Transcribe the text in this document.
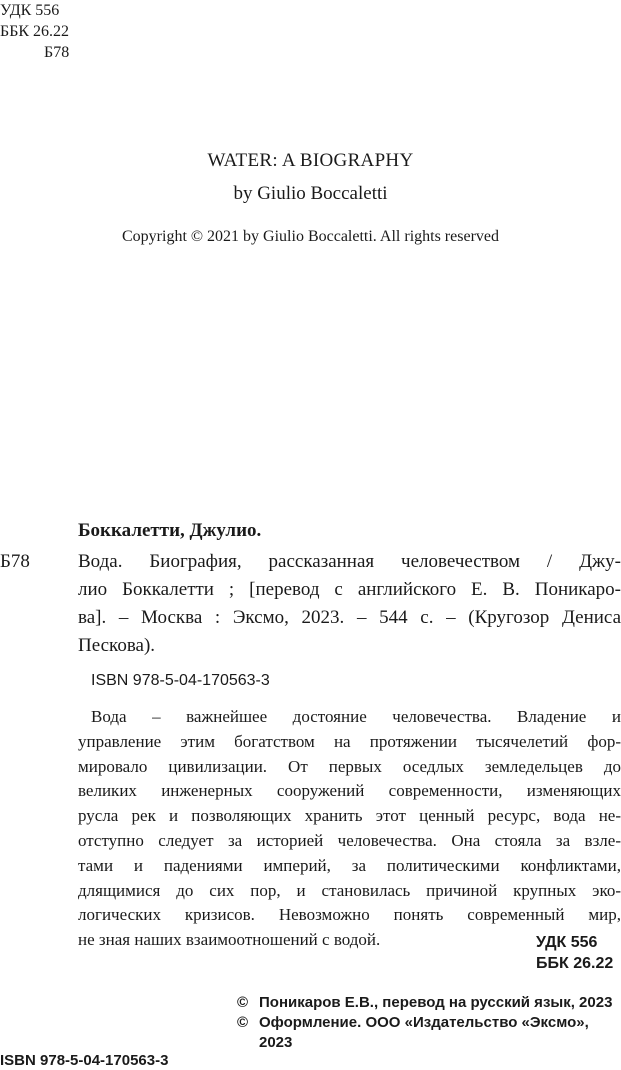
УДК 556
ББК 26.22
Б78
WATER: A BIOGRAPHY
by Giulio Boccaletti
Copyright © 2021 by Giulio Boccaletti. All rights reserved
Боккалетти, Джулио.
Б78	Вода. Биография, рассказанная человечеством / Джу-
лио Боккалетти ; [перевод с английского Е. В. Поникаро-
ва]. – Москва : Эксмо, 2023. – 544 с. – (Кругозор Дениса
Пескова).
ISBN 978-5-04-170563-3
Вода – важнейшее достояние человечества. Владение и
управление этим богатством на протяжении тысячелетий фор-
мировало цивилизации. От первых оседлых земледельцев до
великих инженерных сооружений современности, изменяющих
русла рек и позволяющих хранить этот ценный ресурс, вода не-
отступно следует за историей человечества. Она стояла за взле-
тами и падениями империй, за политическими конфликтами,
длящимися до сих пор, и становилась причиной крупных эко-
логических кризисов. Невозможно понять современный мир,
не зная наших взаимоотношений с водой.	УДК 556
ББК 26.22
© Поникаров Е.В., перевод на русский язык, 2023
© Оформление. ООО «Издательство «Эксмо», 2023
ISBN 978-5-04-170563-3
